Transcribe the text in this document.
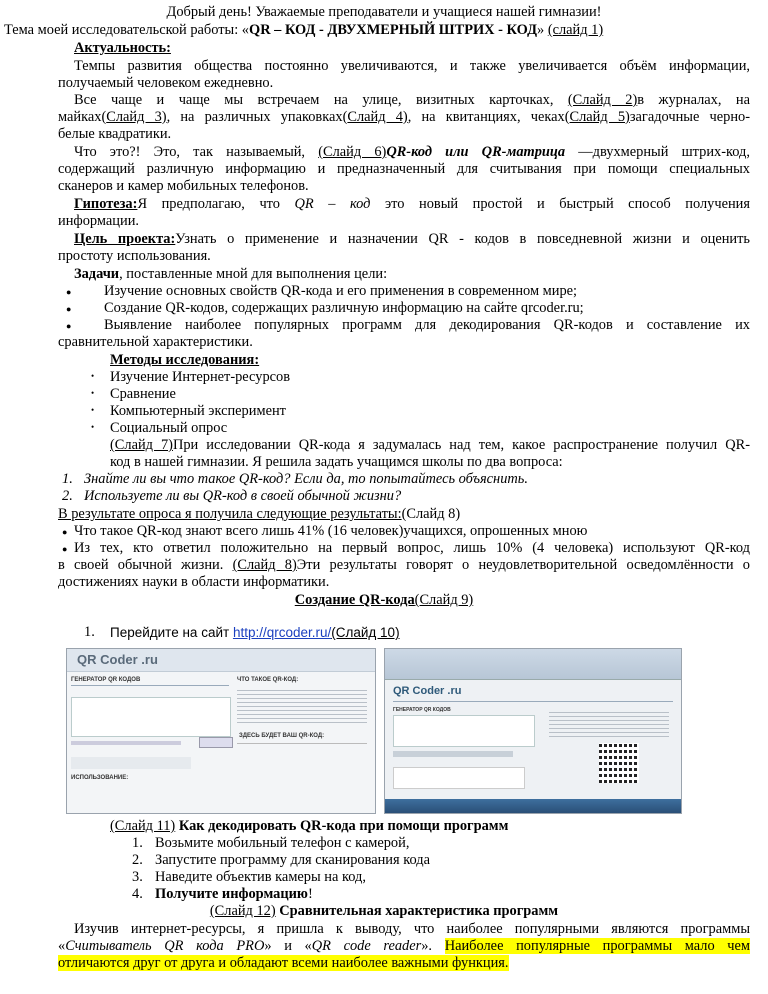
Добрый день! Уважаемые преподаватели и учащиеся нашей гимназии!
Тема моей исследовательской работы: «QR – КОД - ДВУХМЕРНЫЙ ШТРИХ - КОД» (слайд 1)
Актуальность:
Темпы развития общества постоянно увеличиваются, и также увеличивается объём информации,
получаемый человеком ежедневно.
Все чаще и чаще мы встречаем на улице, визитных карточках, (Слайд 2)в журналах, на
майках(Слайд 3), на различных упаковках(Слайд 4), на квитанциях, чеках(Слайд 5)загадочные черно-
белые квадратики.
Что это?! Это, так называемый, (Слайд 6)QR-код или QR-матрица —двухмерный штрих-код,
содержащий различную информацию и предназначенный для считывания при помощи специальных
сканеров и камер мобильных телефонов.
Гипотеза:Я предполагаю, что QR – код это новый простой и быстрый способ получения
информации.
Цель проекта:Узнать о применение и назначении QR - кодов в повседневной жизни и оценить
простоту использования.
Задачи, поставленные мной для выполнения цели:
● Изучение основных свойств QR-кода и его применения в современном мире;
● Создание QR-кодов, содержащих различную информацию на сайте qrcoder.ru;
● Выявление наиболее популярных программ для декодирования QR-кодов и составление их
сравнительной характеристики.
Методы исследования:
• Изучение Интернет-ресурсов
• Сравнение
• Компьютерный эксперимент
• Социальный опрос
(Слайд 7)При исследовании QR-кода я задумалась над тем, какое распространение получил QR-
код в нашей гимназии. Я решила задать учащимся школы по два вопроса:
1. Знайте ли вы что такое QR-код? Если да, то попытайтесь объяснить.
2. Используете ли вы QR-код в своей обычной жизни?
В результате опроса я получила следующие результаты:(Слайд 8)
● Что такое QR-код знают всего лишь 41% (16 человек)учащихся, опрошенных мною
● Из тех, кто ответил положительно на первый вопрос, лишь 10% (4 человека) используют QR-код
в своей обычной жизни. (Слайд 8)Эти результаты говорят о неудовлетворительной осведомлённости о
достижениях науки в области информатики.
Создание QR-кода(Слайд 9)
1. Перейдите на сайт http://qrcoder.ru/(Слайд 10)
QR Coder .ru
ГЕНЕРАТОР QR КОДОВ
ИСПОЛЬЗОВАНИЕ:
ЧТО ТАКОЕ QR-КОД:
ЗДЕСЬ БУДЕТ ВАШ QR-КОД:
QR Coder .ru
ГЕНЕРАТОР QR КОДОВ
(Слайд 11) Как декодировать QR-кода при помощи программ
1. Возьмите мобильный телефон с камерой,
2. Запустите программу для сканирования кода
3. Наведите объектив камеры на код,
4. Получите информацию!
(Слайд 12) Сравнительная характеристика программ
Изучив интернет-ресурсы, я пришла к выводу, что наиболее популярными являются программы
«Считыватель QR кода PRO» и «QR code reader». Наиболее популярные программы мало чем
отличаются друг от друга и обладают всеми наиболее важными функция.
